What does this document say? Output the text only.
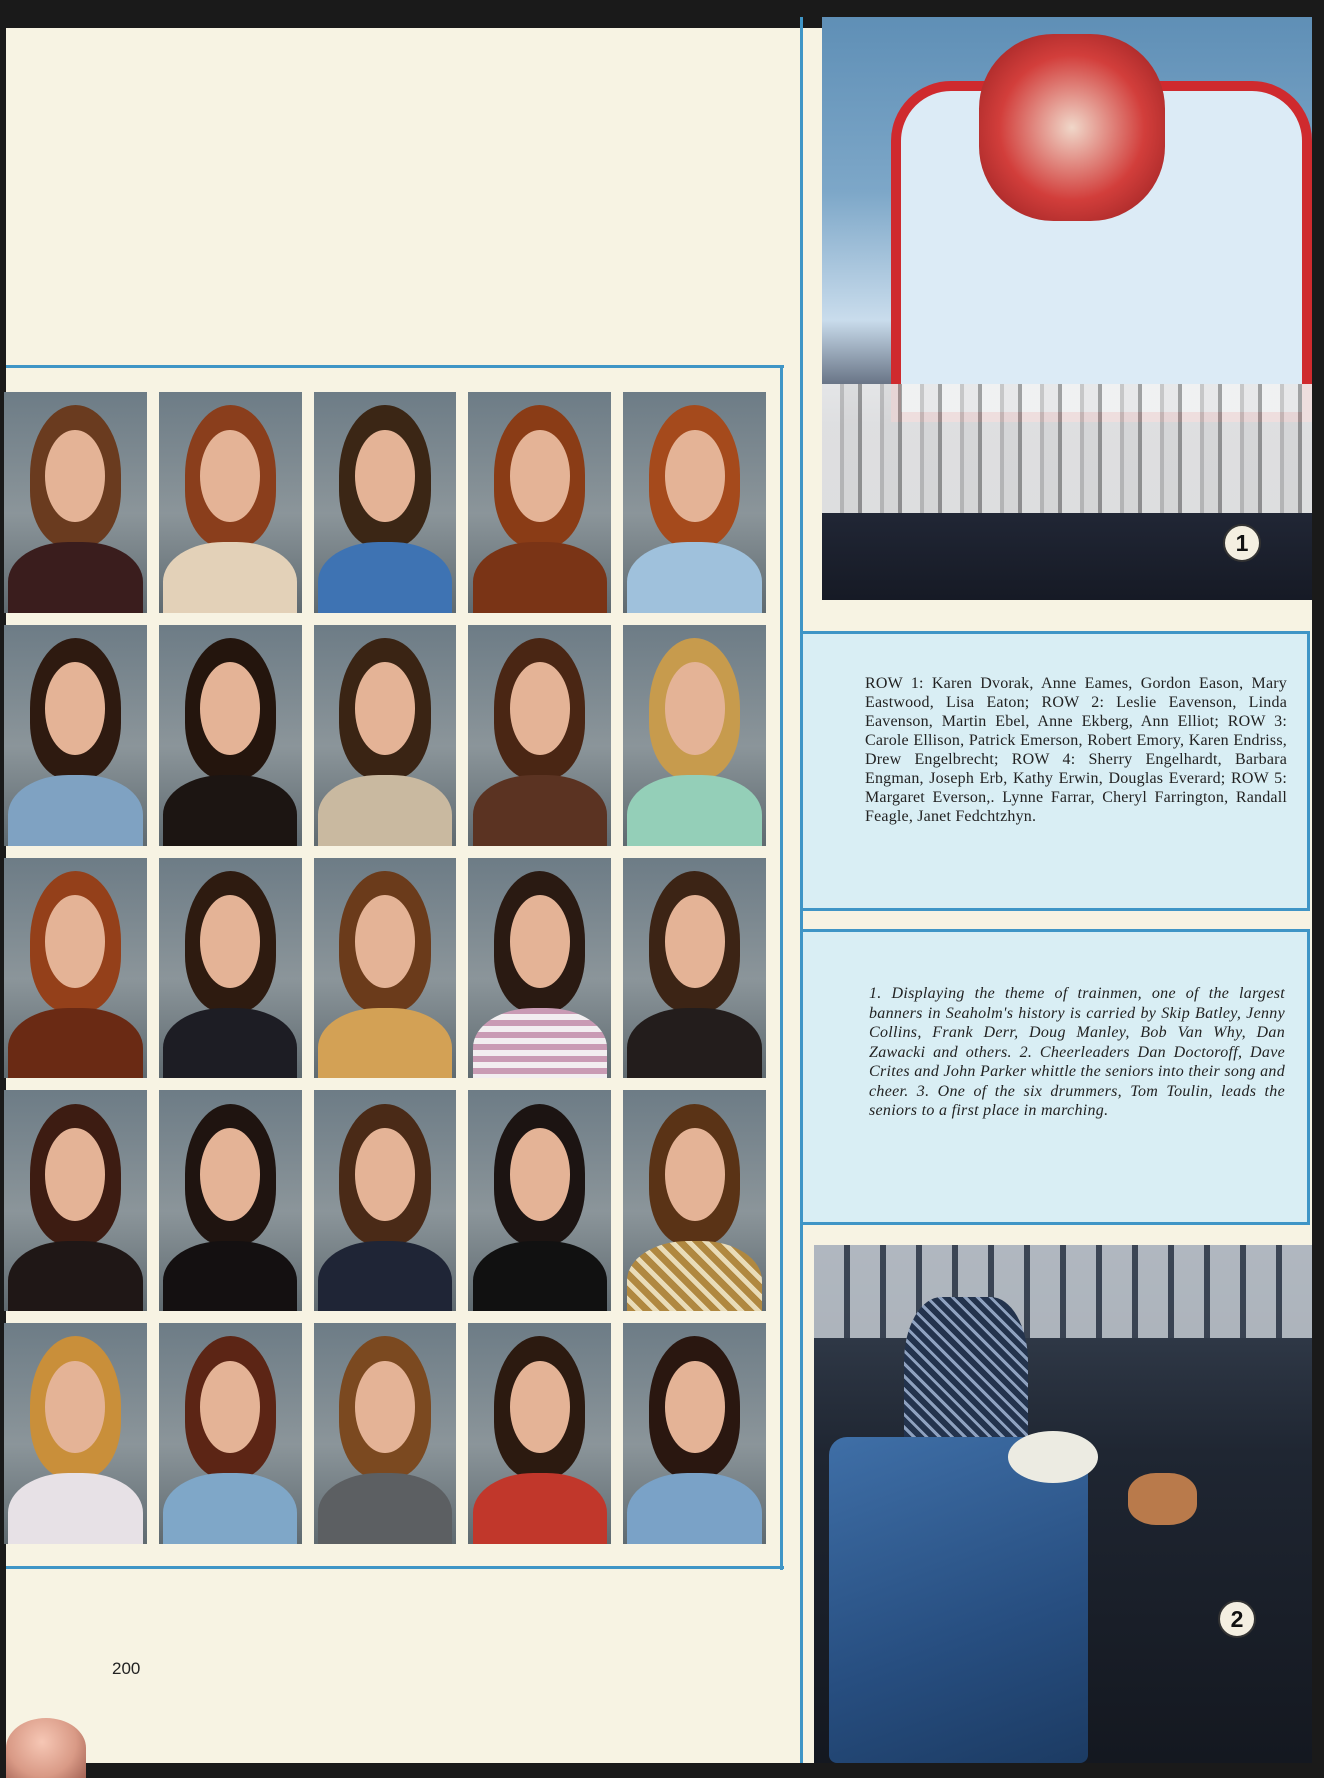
1
ROW 1: Karen Dvorak, Anne Eames, Gordon Eason, Mary Eastwood, Lisa Eaton; ROW 2: Leslie Eavenson, Linda Eavenson, Martin Ebel, Anne Ekberg, Ann Elliot; ROW 3: Carole Ellison, Patrick Emerson, Robert Emory, Karen Endriss, Drew Engelbrecht; ROW 4: Sherry Engelhardt, Barbara Engman, Joseph Erb, Kathy Erwin, Douglas Everard; ROW 5: Margaret Everson,. Lynne Farrar, Cheryl Farrington, Randall Feagle, Janet Fedchtzhyn.
1. Displaying the theme of trainmen, one of the largest banners in Seaholm's history is carried by Skip Batley, Jenny Collins, Frank Derr, Doug Manley, Bob Van Why, Dan Zawacki and others. 2. Cheerleaders Dan Doctoroff, Dave Crites and John Parker whittle the seniors into their song and cheer. 3. One of the six drummers, Tom Toulin, leads the seniors to a first place in marching.
2
200
